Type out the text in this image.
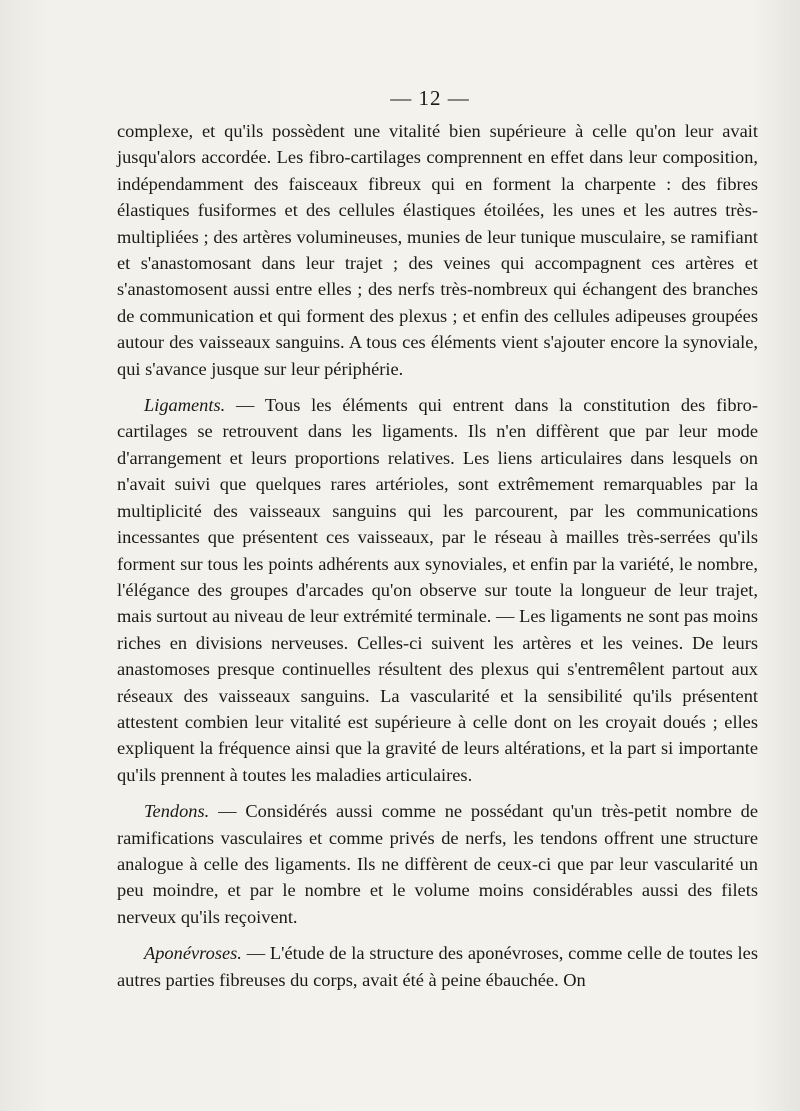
— 12 —

complexe, et qu'ils possèdent une vitalité bien supérieure à celle qu'on leur avait jusqu'alors accordée. Les fibro-cartilages comprennent en effet dans leur composition, indépendamment des faisceaux fibreux qui en forment la charpente : des fibres élastiques fusiformes et des cellules élastiques étoilées, les unes et les autres très-multipliées ; des artères volumineuses, munies de leur tunique musculaire, se ramifiant et s'anastomosant dans leur trajet ; des veines qui accompagnent ces artères et s'anastomosent aussi entre elles ; des nerfs très-nombreux qui échangent des branches de communication et qui forment des plexus ; et enfin des cellules adipeuses groupées autour des vaisseaux sanguins. A tous ces éléments vient s'ajouter encore la synoviale, qui s'avance jusque sur leur périphérie.

Ligaments. — Tous les éléments qui entrent dans la constitution des fibro-cartilages se retrouvent dans les ligaments. Ils n'en diffèrent que par leur mode d'arrangement et leurs proportions relatives. Les liens articulaires dans lesquels on n'avait suivi que quelques rares artérioles, sont extrêmement remarquables par la multiplicité des vaisseaux sanguins qui les parcourent, par les communications incessantes que présentent ces vaisseaux, par le réseau à mailles très-serrées qu'ils forment sur tous les points adhérents aux synoviales, et enfin par la variété, le nombre, l'élégance des groupes d'arcades qu'on observe sur toute la longueur de leur trajet, mais surtout au niveau de leur extrémité terminale. — Les ligaments ne sont pas moins riches en divisions nerveuses. Celles-ci suivent les artères et les veines. De leurs anastomoses presque continuelles résultent des plexus qui s'entremêlent partout aux réseaux des vaisseaux sanguins. La vascularité et la sensibilité qu'ils présentent attestent combien leur vitalité est supérieure à celle dont on les croyait doués ; elles expliquent la fréquence ainsi que la gravité de leurs altérations, et la part si importante qu'ils prennent à toutes les maladies articulaires.

Tendons. — Considérés aussi comme ne possédant qu'un très-petit nombre de ramifications vasculaires et comme privés de nerfs, les tendons offrent une structure analogue à celle des ligaments. Ils ne diffèrent de ceux-ci que par leur vascularité un peu moindre, et par le nombre et le volume moins considérables aussi des filets nerveux qu'ils reçoivent.

Aponévroses. — L'étude de la structure des aponévroses, comme celle de toutes les autres parties fibreuses du corps, avait été à peine ébauchée. On
